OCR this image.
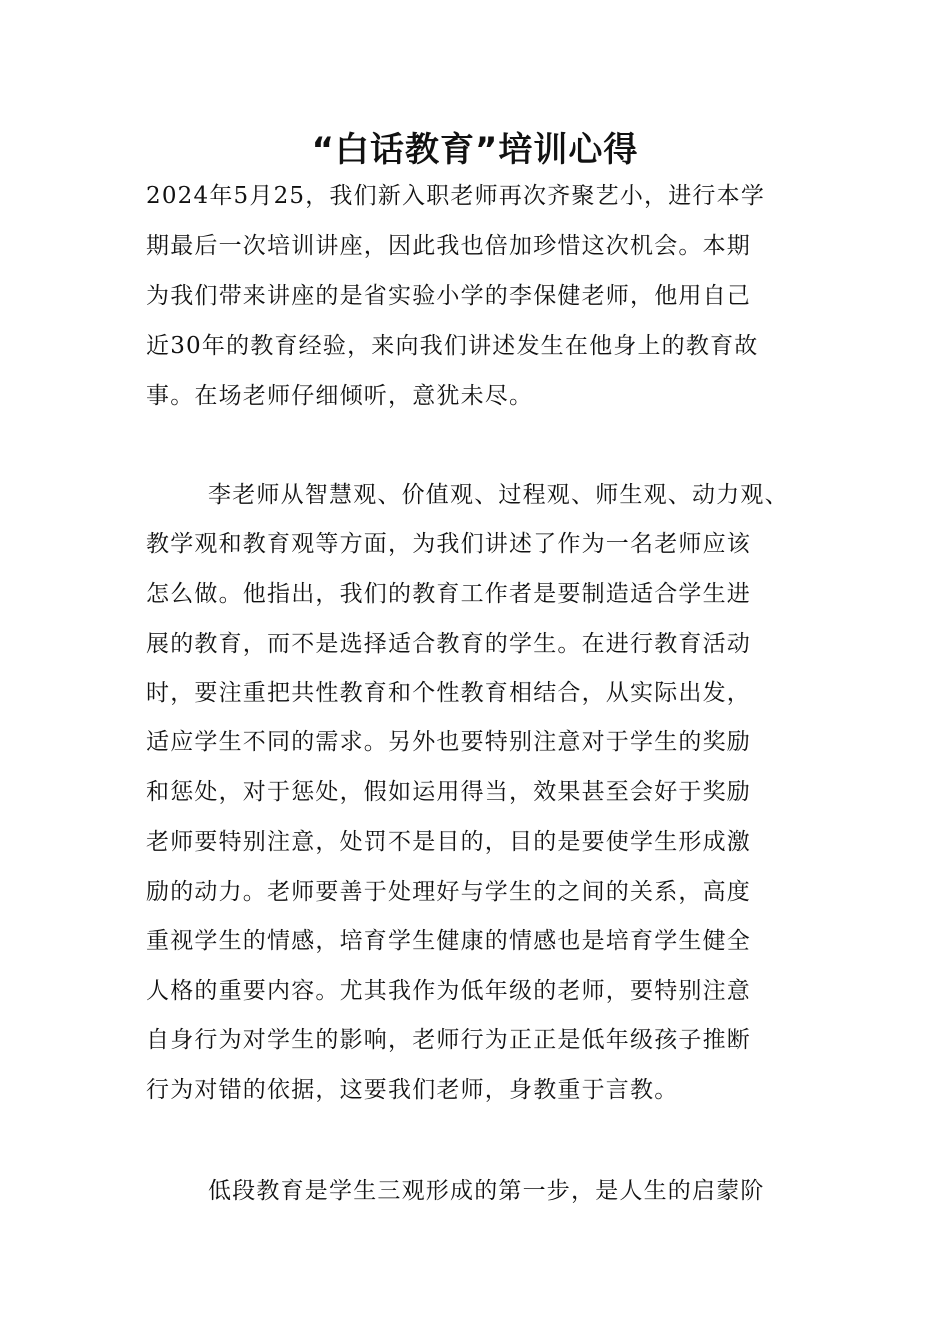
“白话教育”培训心得
2024年5月25，我们新入职老师再次齐聚艺小，进行本学
期最后一次培训讲座，因此我也倍加珍惜这次机会。本期
为我们带来讲座的是省实验小学的李保健老师，他用自己
近30年的教育经验，来向我们讲述发生在他身上的教育故
事。在场老师仔细倾听，意犹未尽。
李老师从智慧观、价值观、过程观、师生观、动力观、
教学观和教育观等方面，为我们讲述了作为一名老师应该
怎么做。他指出，我们的教育工作者是要制造适合学生进
展的教育，而不是选择适合教育的学生。在进行教育活动
时，要注重把共性教育和个性教育相结合，从实际出发，
适应学生不同的需求。另外也要特别注意对于学生的奖励
和惩处，对于惩处，假如运用得当，效果甚至会好于奖励
老师要特别注意，处罚不是目的，目的是要使学生形成激
励的动力。老师要善于处理好与学生的之间的关系，高度
重视学生的情感，培育学生健康的情感也是培育学生健全
人格的重要内容。尤其我作为低年级的老师，要特别注意
自身行为对学生的影响，老师行为正正是低年级孩子推断
行为对错的依据，这要我们老师，身教重于言教。
低段教育是学生三观形成的第一步，是人生的启蒙阶
